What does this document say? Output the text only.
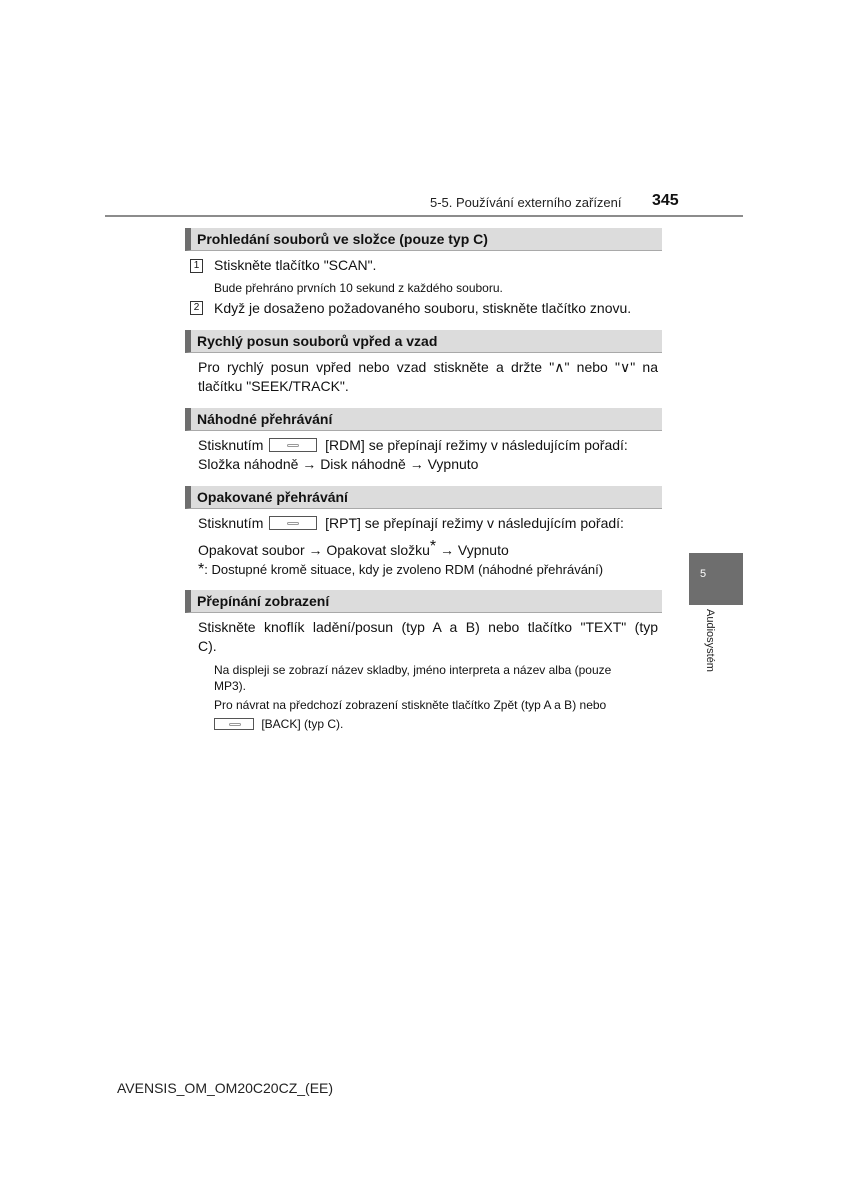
5-5. Používání externího zařízení 345
Prohledání souborů ve složce (pouze typ C)
1 Stiskněte tlačítko "SCAN".
Bude přehráno prvních 10 sekund z každého souboru.
2 Když je dosaženo požadovaného souboru, stiskněte tlačítko znovu.
Rychlý posun souborů vpřed a vzad
Pro rychlý posun vpřed nebo vzad stiskněte a držte "∧" nebo "∨" na
tlačítku "SEEK/TRACK".
Náhodné přehrávání
Stisknutím	[RDM] se přepínají režimy v následujícím pořadí:
Složka náhodně → Disk náhodně → Vypnuto
Opakované přehrávání
Stisknutím	[RPT] se přepínají režimy v následujícím pořadí:
Opakovat soubor → Opakovat složku* → Vypnuto
*: Dostupné kromě situace, kdy je zvoleno RDM (náhodné přehrávání)
Přepínání zobrazení
Stiskněte knoflík ladění/posun (typ A a B) nebo tlačítko "TEXT" (typ
C).
Na displeji se zobrazí název skladby, jméno interpreta a název alba (pouze
MP3).
Pro návrat na předchozí zobrazení stiskněte tlačítko Zpět (typ A a B) nebo
[BACK] (typ C).
5
Audiosystém
AVENSIS_OM_OM20C20CZ_(EE)
